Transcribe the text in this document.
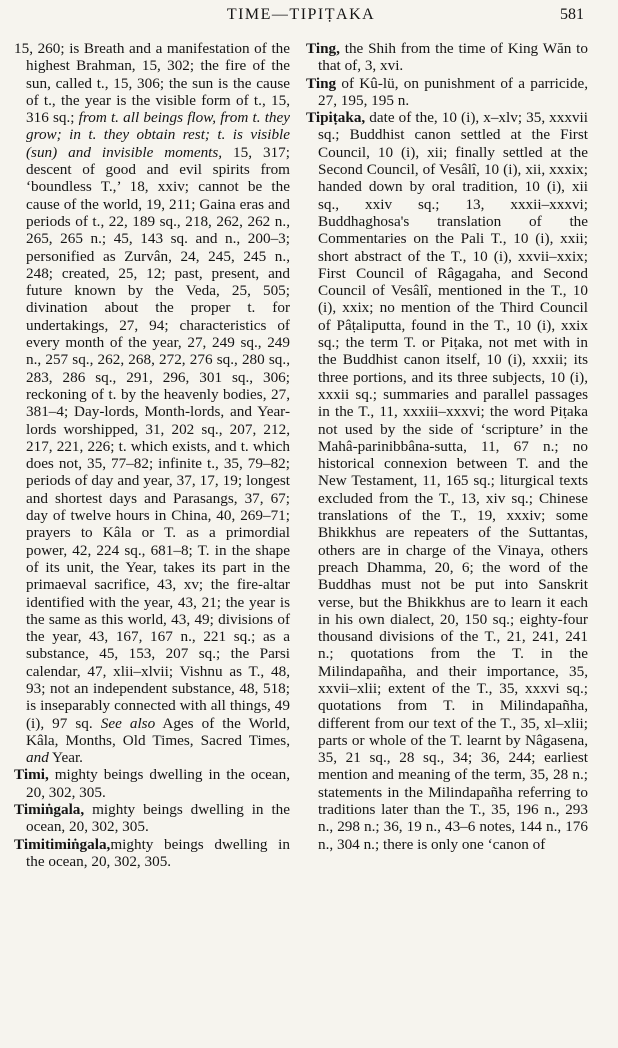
TIME—TIPIṬAKA	581

15, 260; is Breath and a manifestation of the highest Brahman, 15, 302; the fire of the sun, called t., 15, 306; the sun is the cause of t., the year is the visible form of t., 15, 316 sq.; from t. all beings flow, from t. they grow; in t. they obtain rest; t. is visible (sun) and invisible moments, 15, 317; descent of good and evil spirits from ‘boundless T.,’ 18, xxiv; cannot be the cause of the world, 19, 211; Gaina eras and periods of t., 22, 189 sq., 218, 262, 262 n., 265, 265 n.; 45, 143 sq. and n., 200–3; personified as Zurvân, 24, 245, 245 n., 248; created, 25, 12; past, present, and future known by the Veda, 25, 505; divination about the proper t. for undertakings, 27, 94; characteristics of every month of the year, 27, 249 sq., 249 n., 257 sq., 262, 268, 272, 276 sq., 280 sq., 283, 286 sq., 291, 296, 301 sq., 306; reckoning of t. by the heavenly bodies, 27, 381–4; Day-lords, Month-lords, and Year-lords worshipped, 31, 202 sq., 207, 212, 217, 221, 226; t. which exists, and t. which does not, 35, 77–82; infinite t., 35, 79–82; periods of day and year, 37, 17, 19; longest and shortest days and Parasangs, 37, 67; day of twelve hours in China, 40, 269–71; prayers to Kâla or T. as a primordial power, 42, 224 sq., 681–8; T. in the shape of its unit, the Year, takes its part in the primaeval sacrifice, 43, xv; the fire-altar identified with the year, 43, 21; the year is the same as this world, 43, 49; divisions of the year, 43, 167, 167 n., 221 sq.; as a substance, 45, 153, 207 sq.; the Parsi calendar, 47, xlii–xlvii; Vishnu as T., 48, 93; not an independent substance, 48, 518; is inseparably connected with all things, 49 (i), 97 sq. See also Ages of the World, Kâla, Months, Old Times, Sacred Times, and Year.

Timi, mighty beings dwelling in the ocean, 20, 302, 305.

Timiṅgala, mighty beings dwelling in the ocean, 20, 302, 305.

Timitimiṅgala,mighty beings dwelling in the ocean, 20, 302, 305.

Ting, the Shih from the time of King Wăn to that of, 3, xvi.

Ting of Kû-lü, on punishment of a parricide, 27, 195, 195 n.

Tipiṭaka, date of the, 10 (i), x–xlv; 35, xxxvii sq.; Buddhist canon settled at the First Council, 10 (i), xii; finally settled at the Second Council, of Vesâlî, 10 (i), xii, xxxix; handed down by oral tradition, 10 (i), xii sq., xxiv sq.; 13, xxxii–xxxvi; Buddhaghosa's translation of the Commentaries on the Pali T., 10 (i), xxii; short abstract of the T., 10 (i), xxvii–xxix; First Council of Râgagaha, and Second Council of Vesâlî, mentioned in the T., 10 (i), xxix; no mention of the Third Council of Pâṭaliputta, found in the T., 10 (i), xxix sq.; the term T. or Piṭaka, not met with in the Buddhist canon itself, 10 (i), xxxii; its three portions, and its three subjects, 10 (i), xxxii sq.; summaries and parallel passages in the T., 11, xxxiii–xxxvi; the word Piṭaka not used by the side of ‘scripture’ in the Mahâ-parinibbâna-sutta, 11, 67 n.; no historical connexion between T. and the New Testament, 11, 165 sq.; liturgical texts excluded from the T., 13, xiv sq.; Chinese translations of the T., 19, xxxiv; some Bhikkhus are repeaters of the Suttantas, others are in charge of the Vinaya, others preach Dhamma, 20, 6; the word of the Buddhas must not be put into Sanskrit verse, but the Bhikkhus are to learn it each in his own dialect, 20, 150 sq.; eighty-four thousand divisions of the T., 21, 241, 241 n.; quotations from the T. in the Milindapañha, and their importance, 35, xxvii–xlii; extent of the T., 35, xxxvi sq.; quotations from T. in Milindapañha, different from our text of the T., 35, xl–xlii; parts or whole of the T. learnt by Nâgasena, 35, 21 sq., 28 sq., 34; 36, 244; earliest mention and meaning of the term, 35, 28 n.; statements in the Milindapañha referring to traditions later than the T., 35, 196 n., 293 n., 298 n.; 36, 19 n., 43–6 notes, 144 n., 176 n., 304 n.; there is only one ‘canon of
